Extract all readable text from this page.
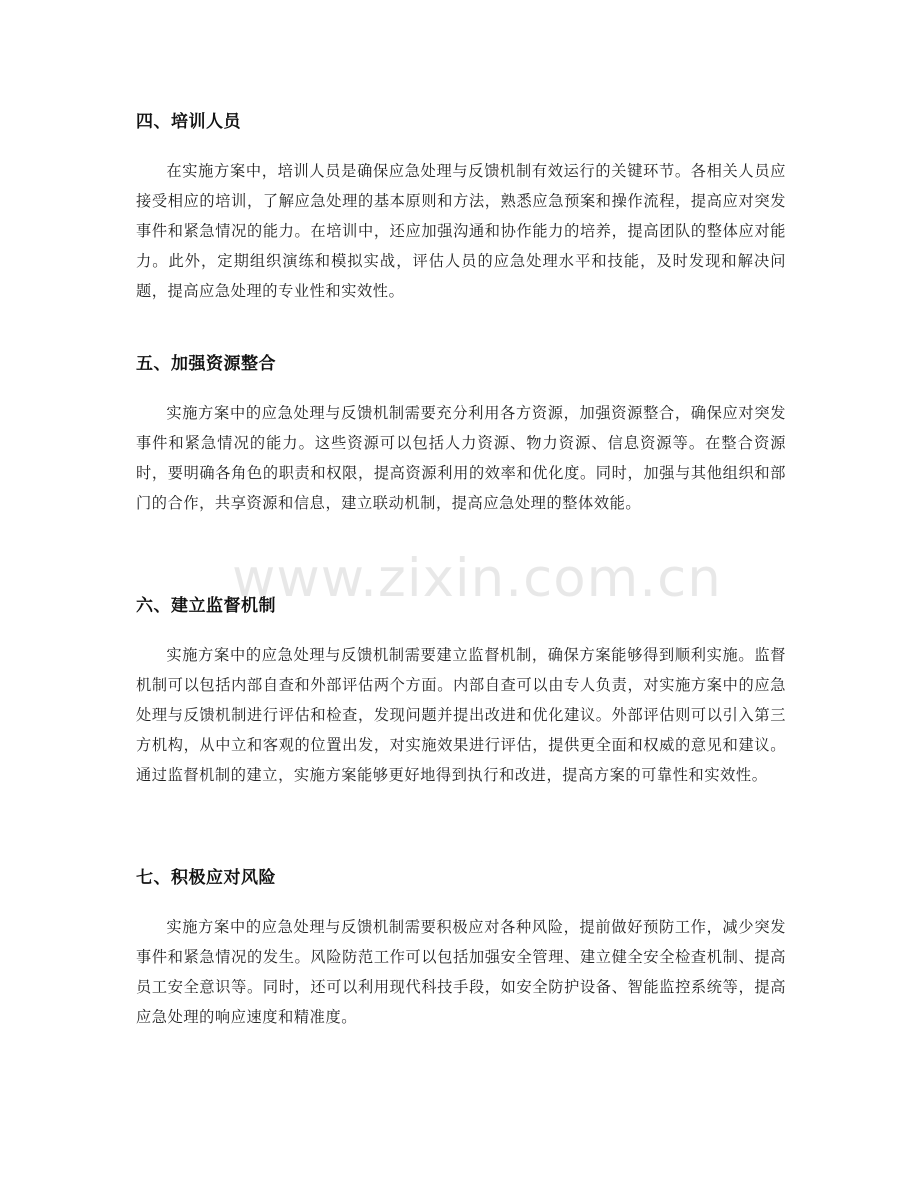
四、培训人员

在实施方案中，培训人员是确保应急处理与反馈机制有效运行的关键环节。各相关人员应接受相应的培训，了解应急处理的基本原则和方法，熟悉应急预案和操作流程，提高应对突发事件和紧急情况的能力。在培训中，还应加强沟通和协作能力的培养，提高团队的整体应对能力。此外，定期组织演练和模拟实战，评估人员的应急处理水平和技能，及时发现和解决问题，提高应急处理的专业性和实效性。

五、加强资源整合

实施方案中的应急处理与反馈机制需要充分利用各方资源，加强资源整合，确保应对突发事件和紧急情况的能力。这些资源可以包括人力资源、物力资源、信息资源等。在整合资源时，要明确各角色的职责和权限，提高资源利用的效率和优化度。同时，加强与其他组织和部门的合作，共享资源和信息，建立联动机制，提高应急处理的整体效能。

六、建立监督机制

实施方案中的应急处理与反馈机制需要建立监督机制，确保方案能够得到顺利实施。监督机制可以包括内部自查和外部评估两个方面。内部自查可以由专人负责，对实施方案中的应急处理与反馈机制进行评估和检查，发现问题并提出改进和优化建议。外部评估则可以引入第三方机构，从中立和客观的位置出发，对实施效果进行评估，提供更全面和权威的意见和建议。通过监督机制的建立，实施方案能够更好地得到执行和改进，提高方案的可靠性和实效性。

七、积极应对风险

实施方案中的应急处理与反馈机制需要积极应对各种风险，提前做好预防工作，减少突发事件和紧急情况的发生。风险防范工作可以包括加强安全管理、建立健全安全检查机制、提高员工安全意识等。同时，还可以利用现代科技手段，如安全防护设备、智能监控系统等，提高应急处理的响应速度和精准度。

www.zixin.com.cn
